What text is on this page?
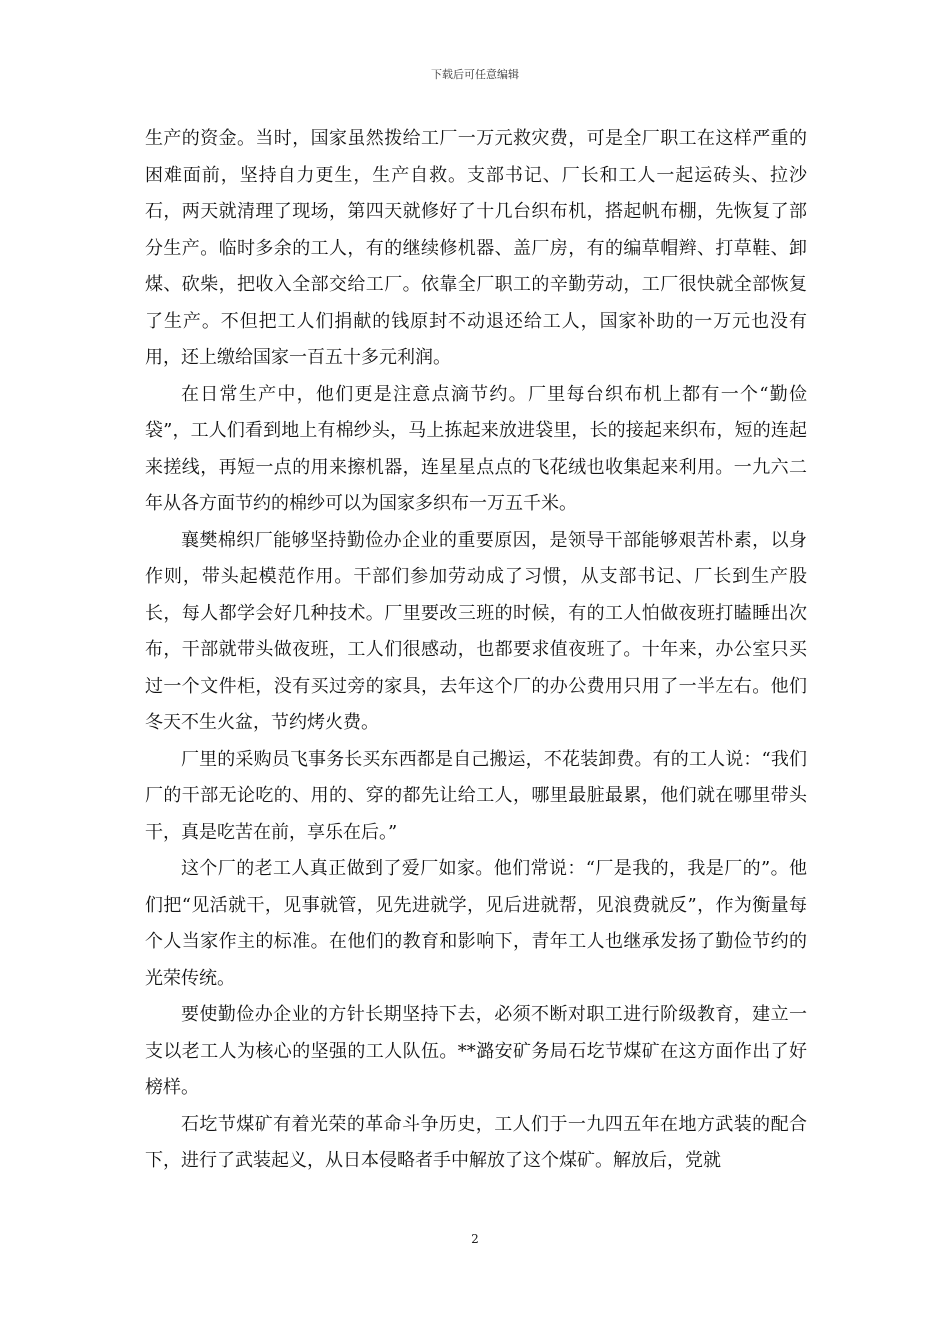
下载后可任意编辑

生产的资金。当时，国家虽然拨给工厂一万元救灾费，可是全厂职工在这样严重的困难面前，坚持自力更生，生产自救。支部书记、厂长和工人一起运砖头、拉沙石，两天就清理了现场，第四天就修好了十几台织布机，搭起帆布棚，先恢复了部分生产。临时多余的工人，有的继续修机器、盖厂房，有的编草帽辫、打草鞋、卸煤、砍柴，把收入全部交给工厂。依靠全厂职工的辛勤劳动，工厂很快就全部恢复了生产。不但把工人们捐献的钱原封不动退还给工人，国家补助的一万元也没有用，还上缴给国家一百五十多元利润。

在日常生产中，他们更是注意点滴节约。厂里每台织布机上都有一个“勤俭袋”，工人们看到地上有棉纱头，马上拣起来放进袋里，长的接起来织布，短的连起来搓线，再短一点的用来擦机器，连星星点点的飞花绒也收集起来利用。一九六二年从各方面节约的棉纱可以为国家多织布一万五千米。

襄樊棉织厂能够坚持勤俭办企业的重要原因，是领导干部能够艰苦朴素，以身作则，带头起模范作用。干部们参加劳动成了习惯，从支部书记、厂长到生产股长，每人都学会好几种技术。厂里要改三班的时候，有的工人怕做夜班打瞌睡出次布，干部就带头做夜班，工人们很感动，也都要求值夜班了。十年来，办公室只买过一个文件柜，没有买过旁的家具，去年这个厂的办公费用只用了一半左右。他们冬天不生火盆，节约烤火费。

厂里的采购员飞事务长买东西都是自己搬运，不花装卸费。有的工人说：“我们厂的干部无论吃的、用的、穿的都先让给工人，哪里最脏最累，他们就在哪里带头干，真是吃苦在前，享乐在后。”

这个厂的老工人真正做到了爱厂如家。他们常说：“厂是我的，我是厂的”。他们把“见活就干，见事就管，见先进就学，见后进就帮，见浪费就反”，作为衡量每个人当家作主的标准。在他们的教育和影响下，青年工人也继承发扬了勤俭节约的光荣传统。

要使勤俭办企业的方针长期坚持下去，必须不断对职工进行阶级教育，建立一支以老工人为核心的坚强的工人队伍。**潞安矿务局石圪节煤矿在这方面作出了好榜样。

石圪节煤矿有着光荣的革命斗争历史，工人们于一九四五年在地方武装的配合下，进行了武装起义，从日本侵略者手中解放了这个煤矿。解放后，党就

2
